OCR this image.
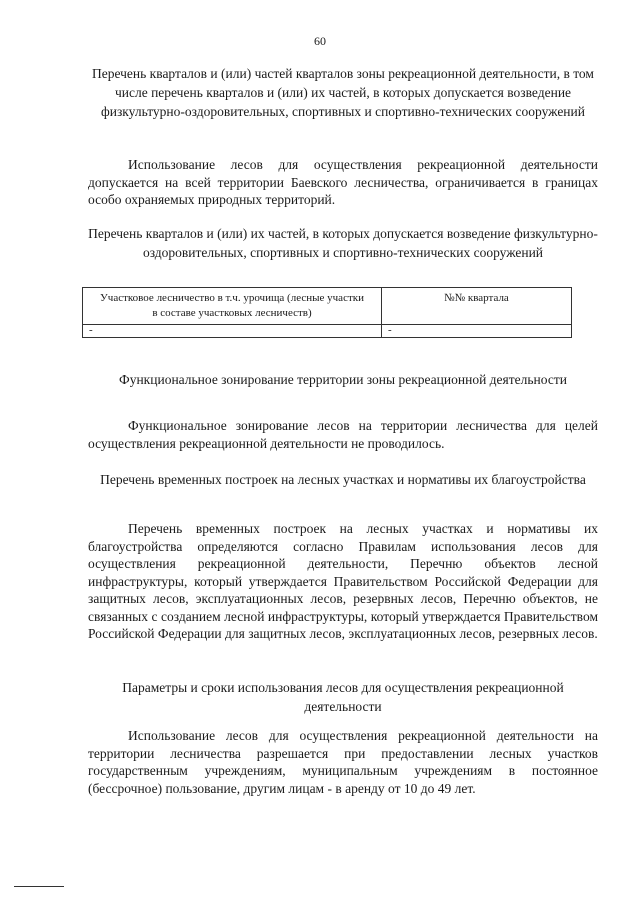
60
Перечень кварталов и (или) частей кварталов зоны рекреационной деятельности, в том числе перечень кварталов и (или) их частей, в которых допускается возведение физкультурно-оздоровительных, спортивных и спортивно-технических сооружений
Использование лесов для осуществления рекреационной деятельности допускается на всей территории Баевского лесничества, ограничивается в границах особо охраняемых природных территорий.
Перечень кварталов и (или) их частей, в которых допускается возведение физкультурно-оздоровительных, спортивных и спортивно-технических сооружений
Участковое лесничество в т.ч. урочища (лесные участки в составе участковых лесничеств)	№№ квартала
-	-
Функциональное зонирование территории зоны рекреационной деятельности
Функциональное зонирование лесов на территории лесничества для целей осуществления рекреационной деятельности не проводилось.
Перечень временных построек на лесных участках и нормативы их благоустройства
Перечень временных построек на лесных участках и нормативы их благоустройства определяются согласно Правилам использования лесов для осуществления рекреационной деятельности, Перечню объектов лесной инфраструктуры, который утверждается Правительством Российской Федерации для защитных лесов, эксплуатационных лесов, резервных лесов, Перечню объектов, не связанных с созданием лесной инфраструктуры, который утверждается Правительством Российской Федерации для защитных лесов, эксплуатационных лесов, резервных лесов.
Параметры и сроки использования лесов для осуществления рекреационной деятельности
Использование лесов для осуществления рекреационной деятельности на территории лесничества разрешается при предоставлении лесных участков государственным учреждениям, муниципальным учреждениям в постоянное (бессрочное) пользование, другим лицам - в аренду от 10 до 49 лет.
